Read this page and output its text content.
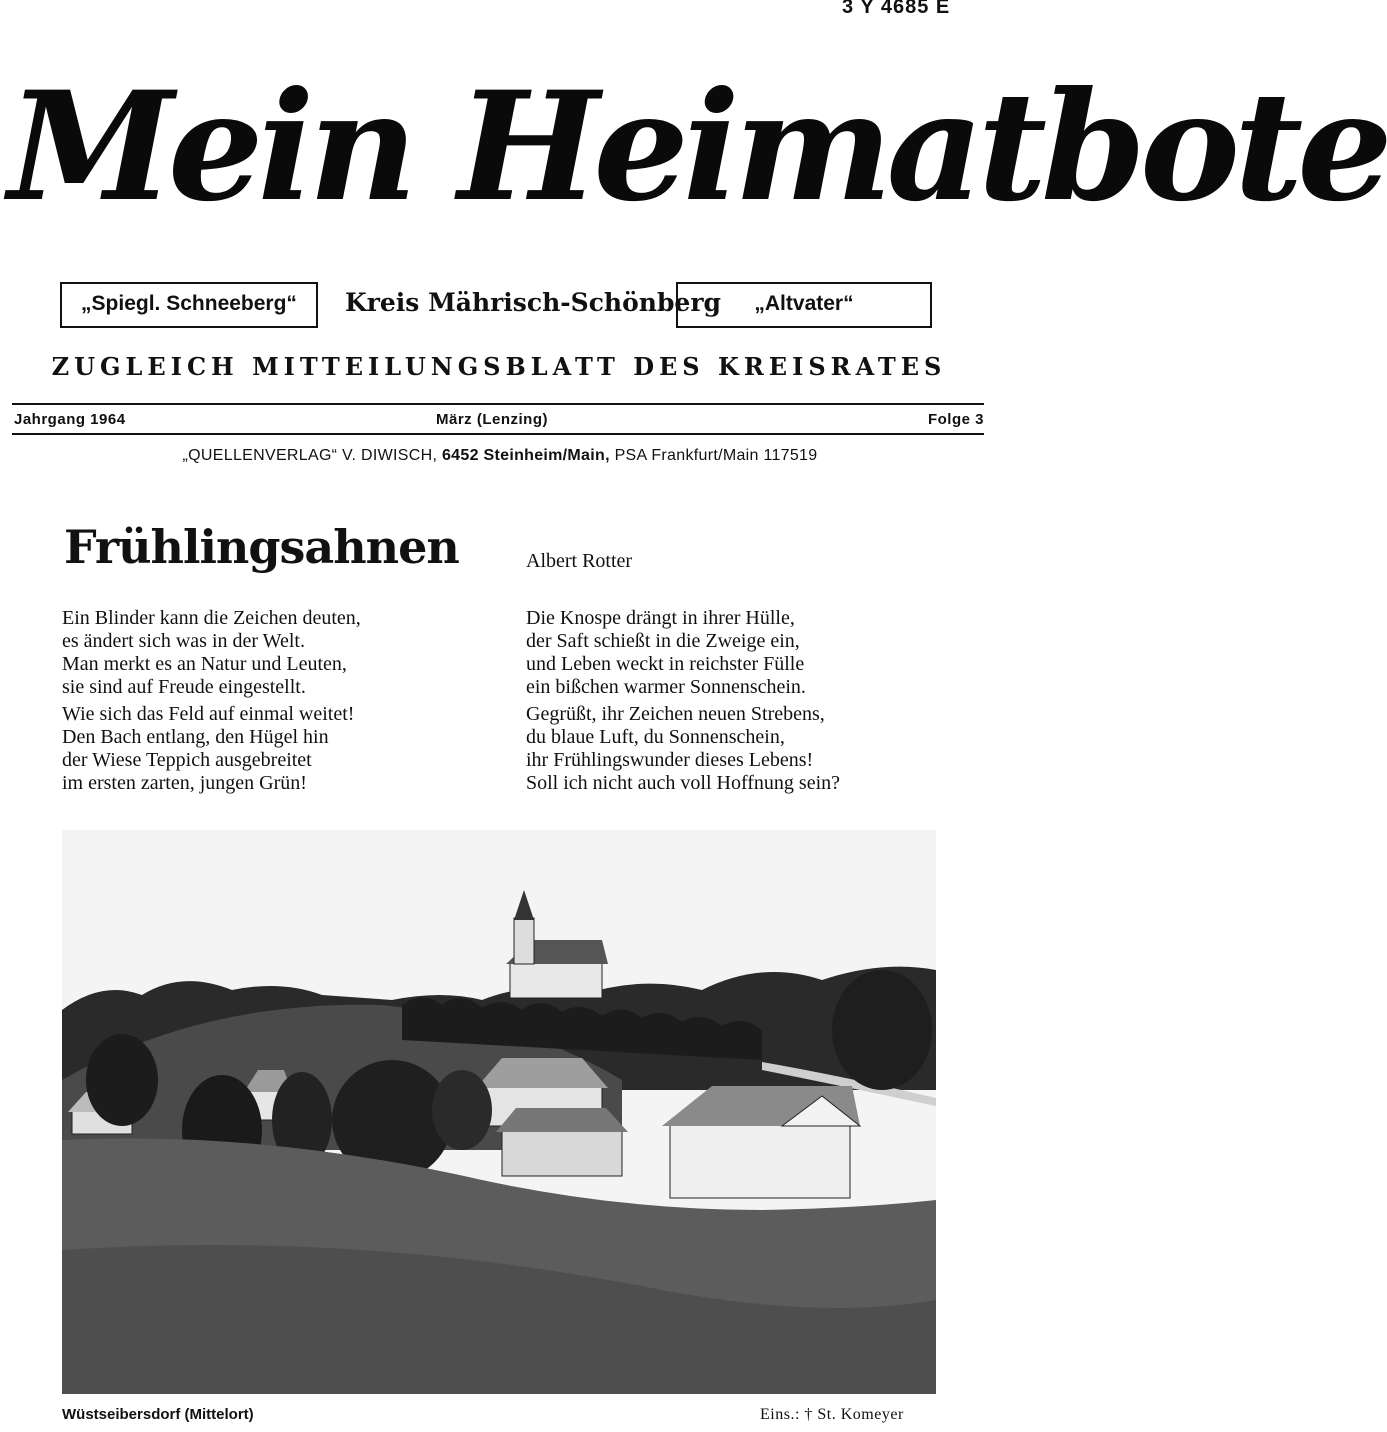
3 Y 4685 E
Mein Heimatbote
„Spiegl. Schneeberg“	Kreis Mährisch-Schönberg	„Altvater“
ZUGLEICH MITTEILUNGSBLATT DES KREISRATES
Jahrgang 1964	März (Lenzing)	Folge 3
„QUELLENVERLAG“ V. DIWISCH, 6452 Steinheim/Main, PSA Frankfurt/Main 117519
Frühlingsahnen	Albert Rotter
Ein Blinder kann die Zeichen deuten,
es ändert sich was in der Welt.
Man merkt es an Natur und Leuten,
sie sind auf Freude eingestellt.
Wie sich das Feld auf einmal weitet!
Den Bach entlang, den Hügel hin
der Wiese Teppich ausgebreitet
im ersten zarten, jungen Grün!
Die Knospe drängt in ihrer Hülle,
der Saft schießt in die Zweige ein,
und Leben weckt in reichster Fülle
ein bißchen warmer Sonnenschein.
Gegrüßt, ihr Zeichen neuen Strebens,
du blaue Luft, du Sonnenschein,
ihr Frühlingswunder dieses Lebens!
Soll ich nicht auch voll Hoffnung sein?
Wüstseibersdorf (Mittelort)	Eins.: † St. Komeyer
